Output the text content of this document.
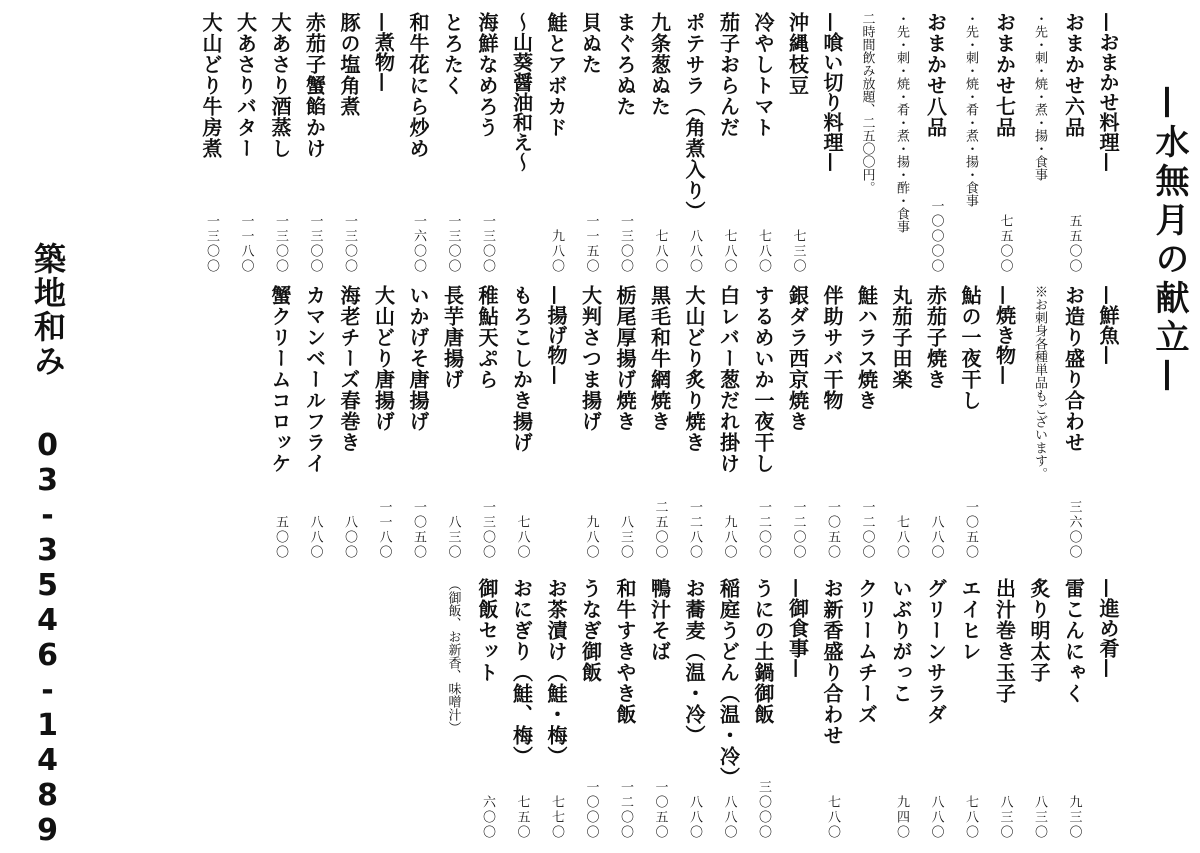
—水無月の献立—
築地和み
03-3546-1489
—おまかせ料理—
おまかせ六品
五五〇〇
・先・刺・焼・煮・揚・食事
おまかせ七品
七五〇〇
・先・刺・焼・肴・煮・揚・食事
おまかせ八品
一〇〇〇〇
・先・刺・焼・肴・煮・揚・酢・食事
二時間飲み放題、二五〇〇円。
—喰い切り料理—
沖縄枝豆
七三〇
冷やしトマト
七八〇
茄子おらんだ
七八〇
ポテサラ（角煮入り）
八八〇
九条葱ぬた
七八〇
まぐろぬた
一三〇〇
貝ぬた
一一五〇
鮭とアボカド
九八〇
〜山葵醤油和え〜
海鮮なめろう
一三〇〇
とろたく
一三〇〇
和牛花にら炒め
一六〇〇
—煮物—
豚の塩角煮
一三〇〇
赤茄子蟹餡かけ
一三〇〇
大あさり酒蒸し
一三〇〇
大あさりバター
一一八〇
大山どり牛房煮
一三〇〇
—鮮魚—
お造り盛り合わせ
三六〇〇
※お刺身各種単品もございます。
—焼き物—
鮎の一夜干し
一〇五〇
赤茄子焼き
八八〇
丸茄子田楽
七八〇
鮭ハラス焼き
一二〇〇
伴助サバ干物
一〇五〇
銀ダラ西京焼き
一二〇〇
するめいか一夜干し
一二〇〇
白レバー葱だれ掛け
九八〇
大山どり炙り焼き
一二八〇
黒毛和牛網焼き
二五〇〇
栃尾厚揚げ焼き
八三〇
大判さつま揚げ
九八〇
—揚げ物—
もろこしかき揚げ
七八〇
稚鮎天ぷら
一三〇〇
長芋唐揚げ
八三〇
いかげそ唐揚げ
一〇五〇
大山どり唐揚げ
一一八〇
海老チーズ春巻き
八〇〇
カマンベールフライ
八八〇
蟹クリームコロッケ
五〇〇
—進め肴—
雷こんにゃく
九三〇
炙り明太子
八三〇
出汁巻き玉子
八三〇
エイヒレ
七八〇
グリーンサラダ
八八〇
いぶりがっこ
九四〇
クリームチーズ
お新香盛り合わせ
七八〇
—御食事—
うにの土鍋御飯
三〇〇〇
稲庭うどん（温・冷）
八八〇
お蕎麦（温・冷）
八八〇
鴨汁そば
一〇五〇
和牛すきやき飯
一二〇〇
うなぎ御飯
一〇〇〇
お茶漬け（鮭・梅）
七七〇
おにぎり（鮭、梅）
七五〇
御飯セット
六〇〇
（御飯、お新香、味噌汁）
